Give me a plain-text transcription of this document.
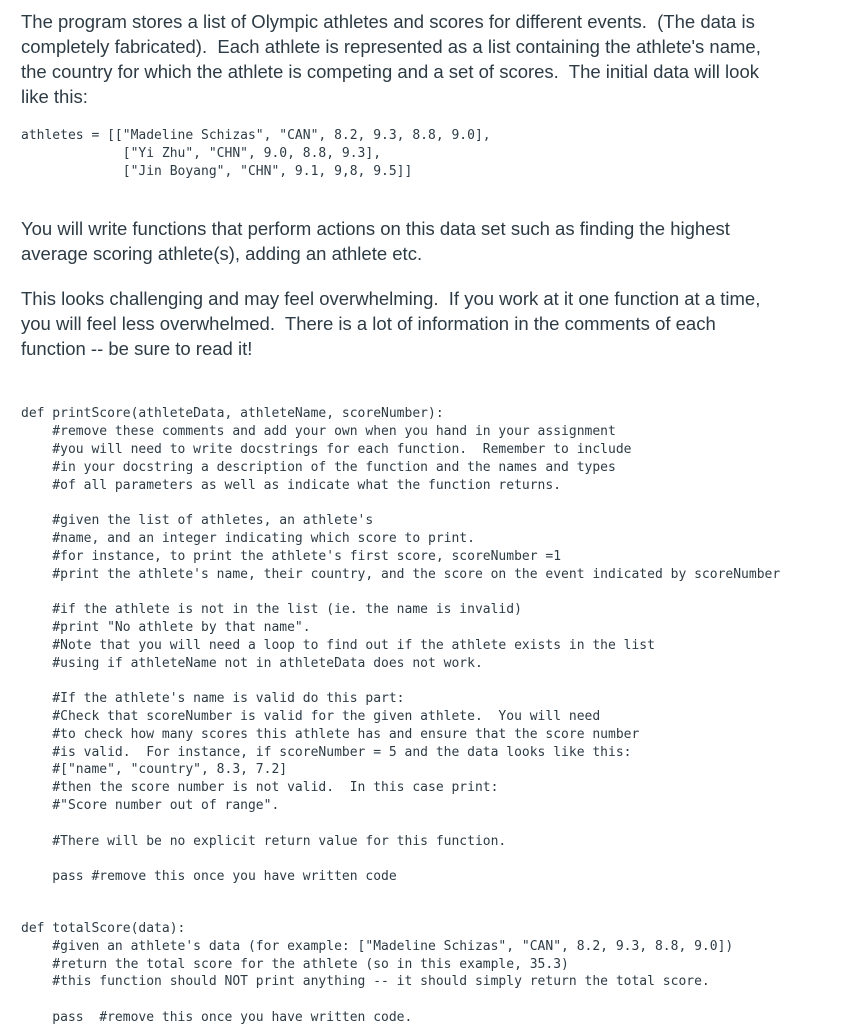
The program stores a list of Olympic athletes and scores for different events.  (The data is
completely fabricated).  Each athlete is represented as a list containing the athlete's name,
the country for which the athlete is competing and a set of scores.  The initial data will look
like this:

athletes = [["Madeline Schizas", "CAN", 8.2, 9.3, 8.8, 9.0],
["Yi Zhu", "CHN", 9.0, 8.8, 9.3],
["Jin Boyang", "CHN", 9.1, 9,8, 9.5]]

You will write functions that perform actions on this data set such as finding the highest
average scoring athlete(s), adding an athlete etc.

This looks challenging and may feel overwhelming.  If you work at it one function at a time,
you will feel less overwhelmed.  There is a lot of information in the comments of each
function -- be sure to read it!

def printScore(athleteData, athleteName, scoreNumber):
#remove these comments and add your own when you hand in your assignment
#you will need to write docstrings for each function.  Remember to include
#in your docstring a description of the function and the names and types
#of all parameters as well as indicate what the function returns.

#given the list of athletes, an athlete's
#name, and an integer indicating which score to print.
#for instance, to print the athlete's first score, scoreNumber =1
#print the athlete's name, their country, and the score on the event indicated by scoreNumber

#if the athlete is not in the list (ie. the name is invalid)
#print "No athlete by that name".
#Note that you will need a loop to find out if the athlete exists in the list
#using if athleteName not in athleteData does not work.

#If the athlete's name is valid do this part:
#Check that scoreNumber is valid for the given athlete.  You will need
#to check how many scores this athlete has and ensure that the score number
#is valid.  For instance, if scoreNumber = 5 and the data looks like this:
#["name", "country", 8.3, 7.2]
#then the score number is not valid.  In this case print:
#"Score number out of range".

#There will be no explicit return value for this function.

pass #remove this once you have written code
def totalScore(data):
#given an athlete's data (for example: ["Madeline Schizas", "CAN", 8.2, 9.3, 8.8, 9.0])
#return the total score for the athlete (so in this example, 35.3)
#this function should NOT print anything -- it should simply return the total score.

pass  #remove this once you have written code.
